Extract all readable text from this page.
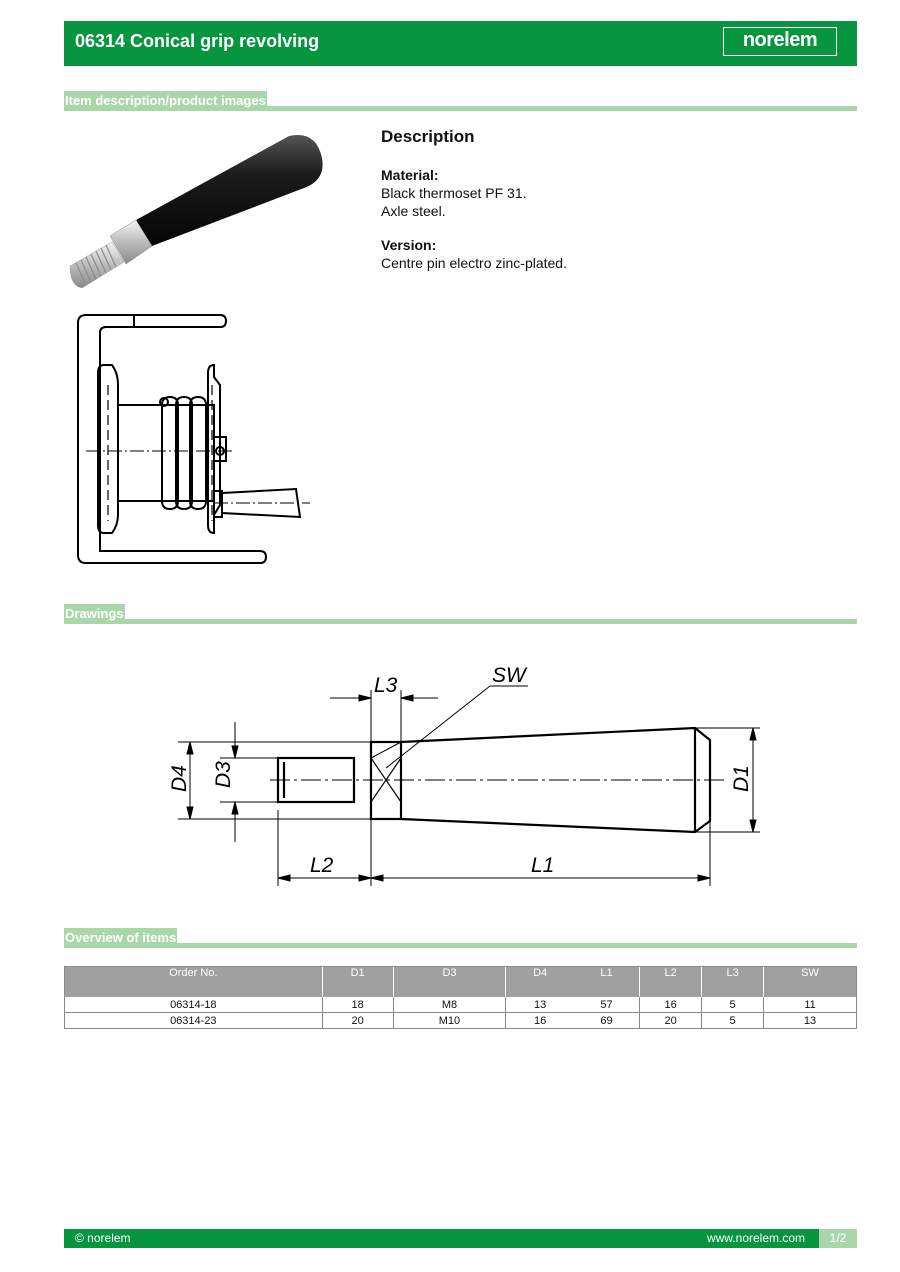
06314 Conical grip revolving	norelem
Item description/product images
Description
Material:
Black thermoset PF 31.
Axle steel.
Version:
Centre pin electro zinc-plated.
Drawings
L3	SW
D4 D3	D1
L2	L1
Overview of items
Order No.	D1	D3	D4	L1	L2	L3	SW
06314-18	18	M8	13	57	16	5	11
06314-23	20	M10	16	69	20	5	13
© norelem	www.norelem.com	1/2
